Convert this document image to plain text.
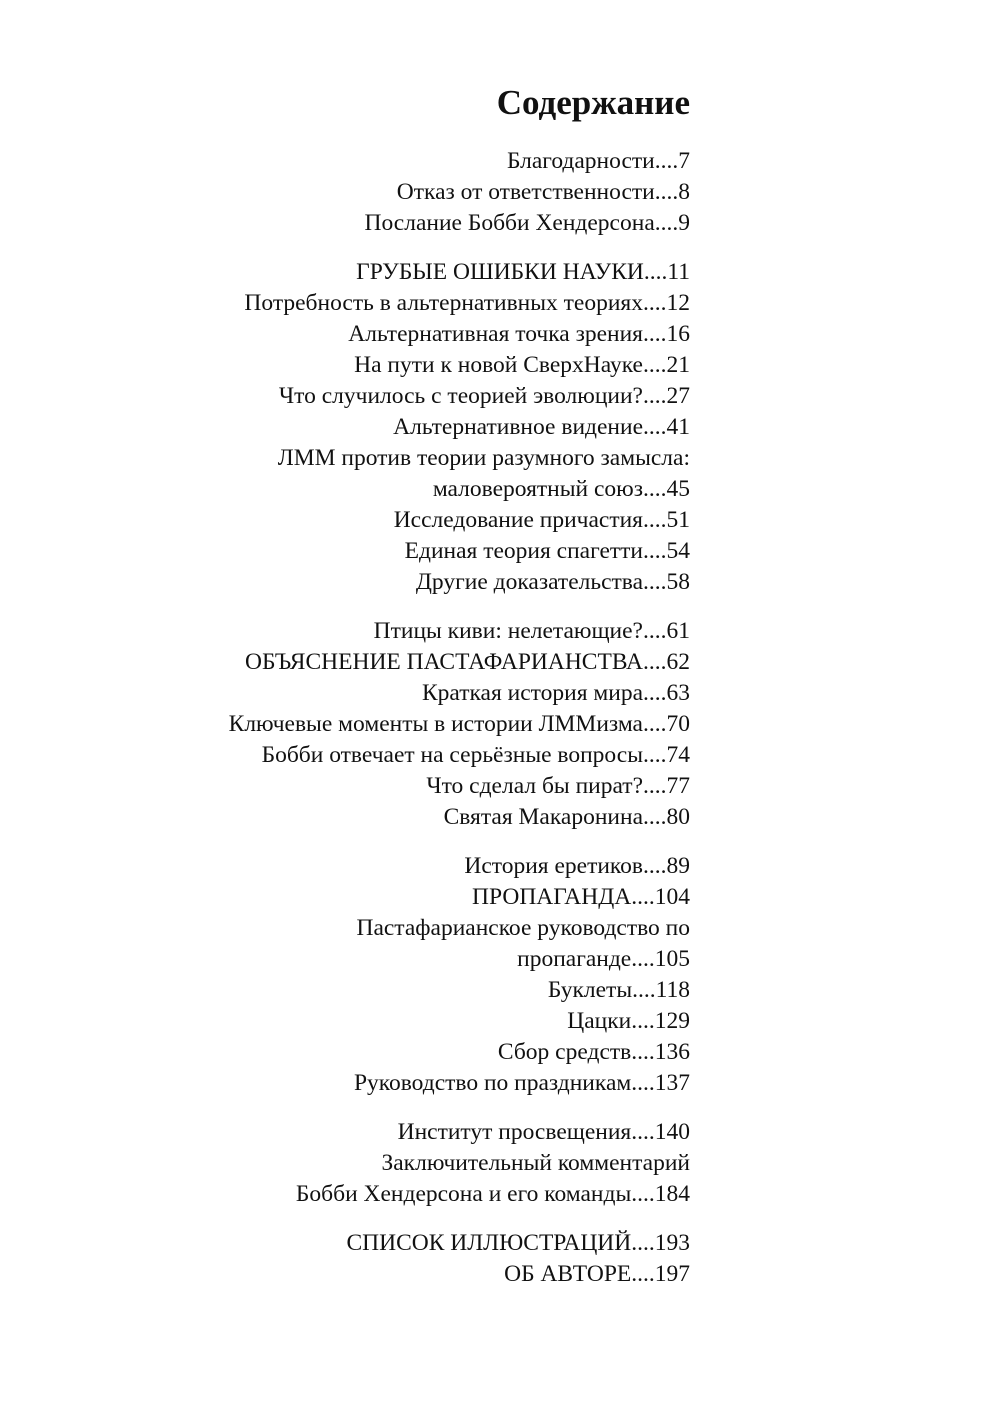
Содержание
Благодарности....7
Отказ от ответственности....8
Послание Бобби Хендерсона....9
ГРУБЫЕ ОШИБКИ НАУКИ....11
Потребность в альтернативных теориях....12
Альтернативная точка зрения....16
На пути к новой СверхНауке....21
Что случилось с теорией эволюции?....27
Альтернативное видение....41
ЛММ против теории разумного замысла:
маловероятный союз....45
Исследование причастия....51
Единая теория спагетти....54
Другие доказательства....58
Птицы киви: нелетающие?....61
ОБЪЯСНЕНИЕ ПАСТАФАРИАНСТВА....62
Краткая история мира....63
Ключевые моменты в истории ЛММизма....70
Бобби отвечает на серьёзные вопросы....74
Что сделал бы пират?....77
Святая Макаронина....80
История еретиков....89
ПРОПАГАНДА....104
Пастафарианское руководство по
пропаганде....105
Буклеты....118
Цацки....129
Сбор средств....136
Руководство по праздникам....137
Институт просвещения....140
Заключительный комментарий
Бобби Хендерсона и его команды....184
СПИСОК ИЛЛЮСТРАЦИЙ....193
ОБ АВТОРЕ....197
